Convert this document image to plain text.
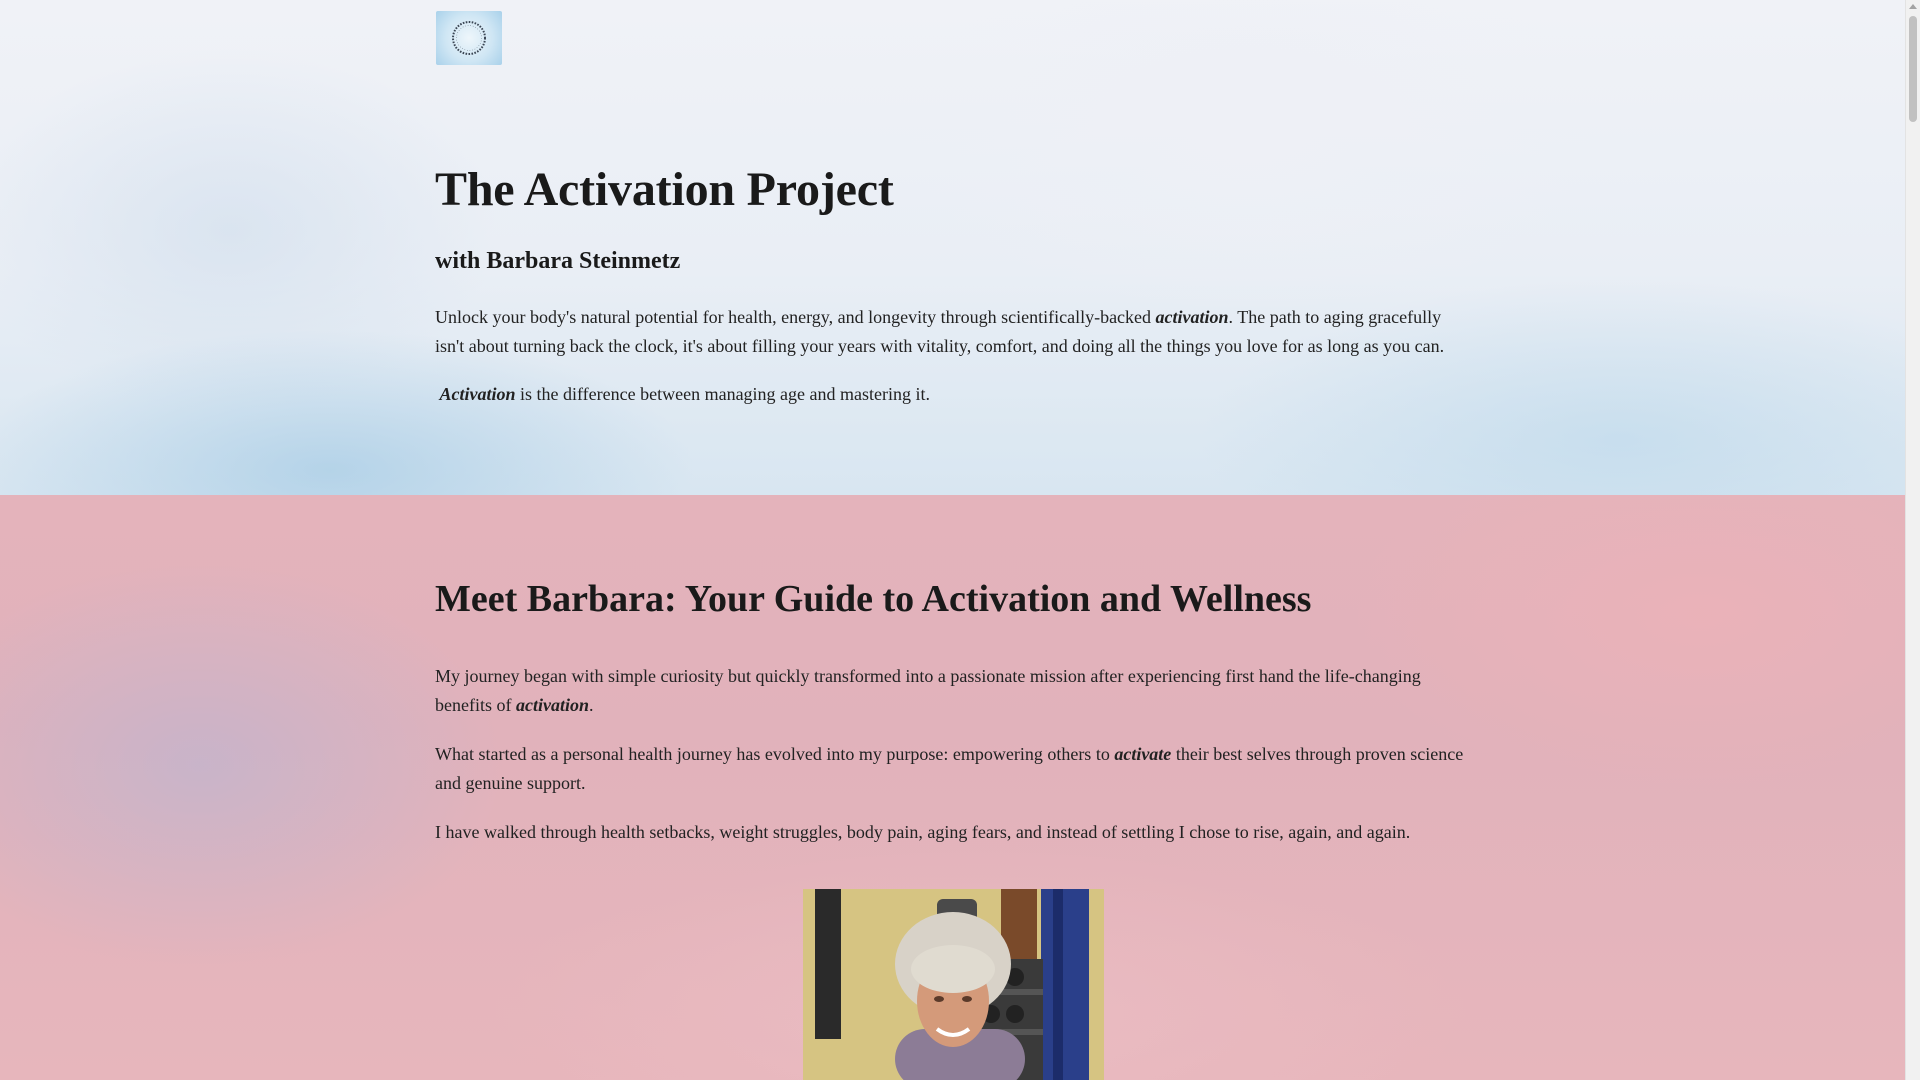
The Activation Project
with Barbara Steinmetz

Unlock your body's natural potential for health, energy, and longevity through scientifically-backed activation. The path to aging gracefully isn't about turning back the clock, it's about filling your years with vitality, comfort, and doing all the things you love for as long as you can.

Activation is the difference between managing age and mastering it.

Meet Barbara: Your Guide to Activation and Wellness

My journey began with simple curiosity but quickly transformed into a passionate mission after experiencing first hand the life-changing benefits of activation.

What started as a personal health journey has evolved into my purpose: empowering others to activate their best selves through proven science and genuine support.

I have walked through health setbacks, weight struggles, body pain, aging fears, and instead of settling I chose to rise, again, and again.
